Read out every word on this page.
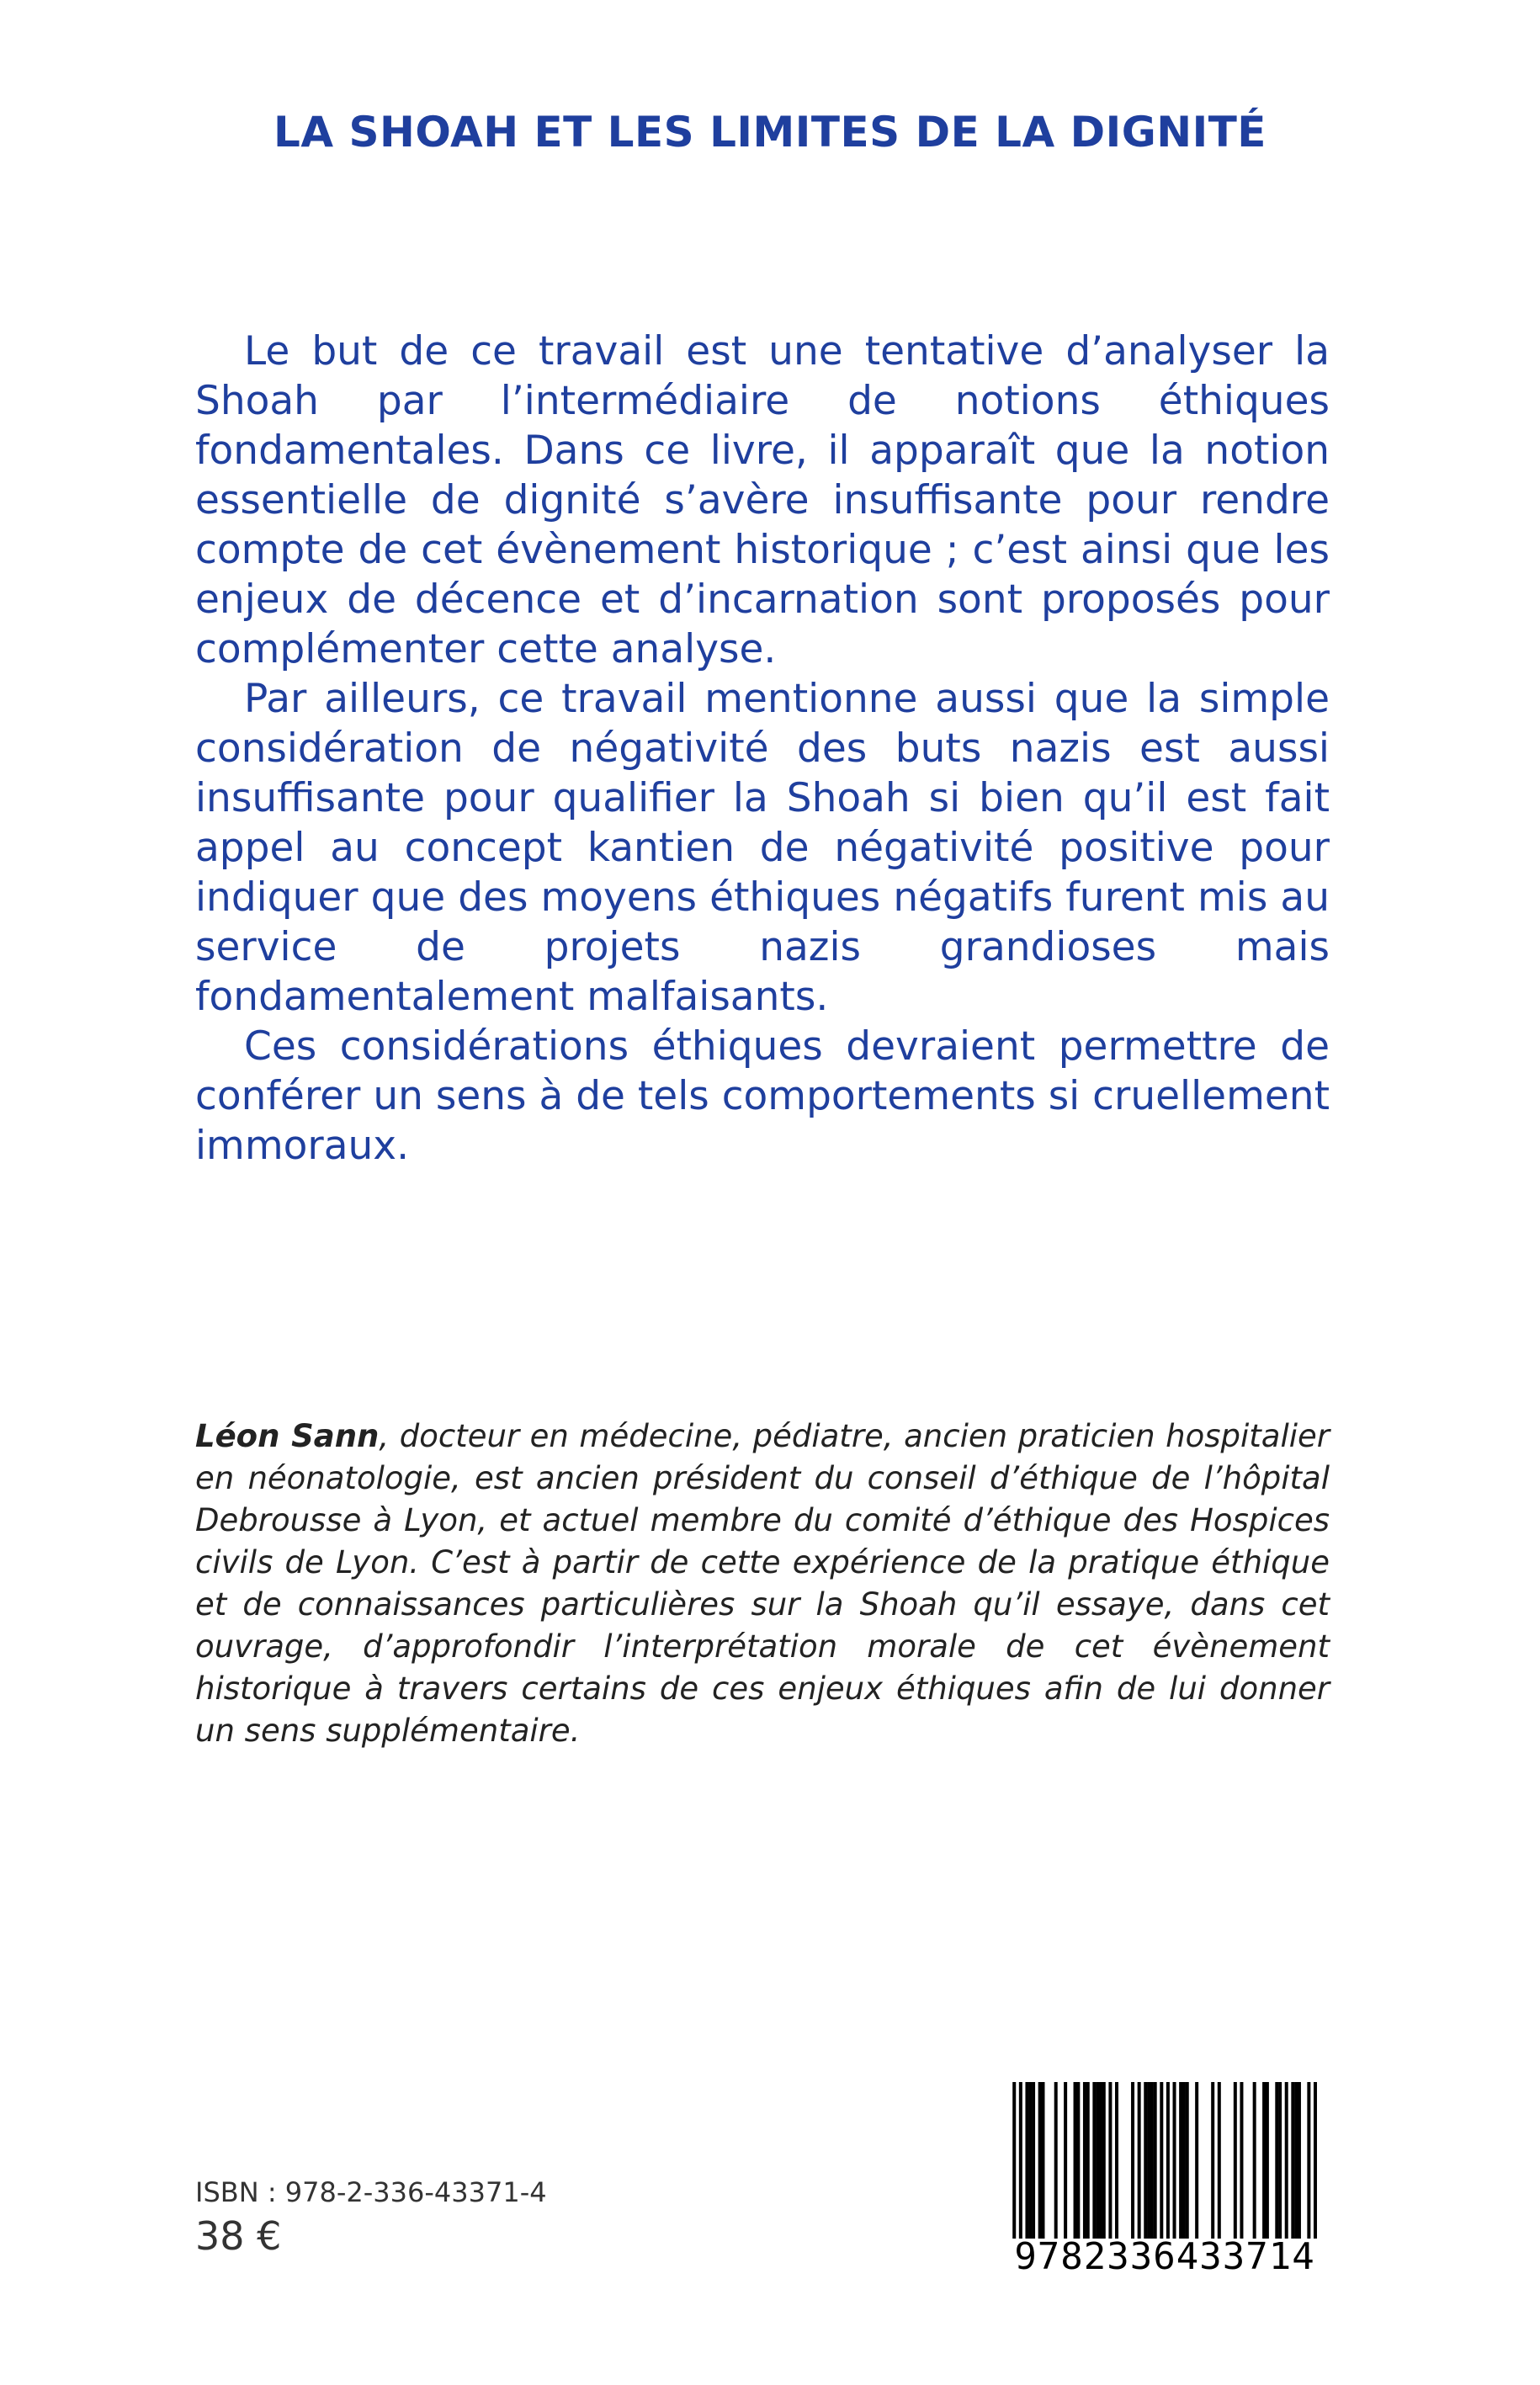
LA SHOAH ET LES LIMITES DE LA DIGNITÉ

Le but de ce travail est une tentative d’analyser la Shoah par l’intermédiaire de notions éthiques fondamentales. Dans ce livre, il apparaît que la notion essentielle de dignité s’avère insuffisante pour rendre compte de cet évènement historique ; c’est ainsi que les enjeux de décence et d’incarnation sont proposés pour complémenter cette analyse.

Par ailleurs, ce travail mentionne aussi que la simple considération de négativité des buts nazis est aussi insuffisante pour qualifier la Shoah si bien qu’il est fait appel au concept kantien de négativité positive pour indiquer que des moyens éthiques négatifs furent mis au service de projets nazis grandioses mais fondamentalement malfaisants.

Ces considérations éthiques devraient permettre de conférer un sens à de tels comportements si cruellement immoraux.

Léon Sann, docteur en médecine, pédiatre, ancien praticien hospitalier en néonatologie, est ancien président du conseil d’éthique de l’hôpital Debrousse à Lyon, et actuel membre du comité d’éthique des Hospices civils de Lyon. C’est à partir de cette expérience de la pratique éthique et de connaissances particulières sur la Shoah qu’il essaye, dans cet ouvrage, d’approfondir l’interprétation morale de cet évènement historique à travers certains de ces enjeux éthiques afin de lui donner un sens supplémentaire.

ISBN : 978-2-336-43371-4

38 €	9782336433714
